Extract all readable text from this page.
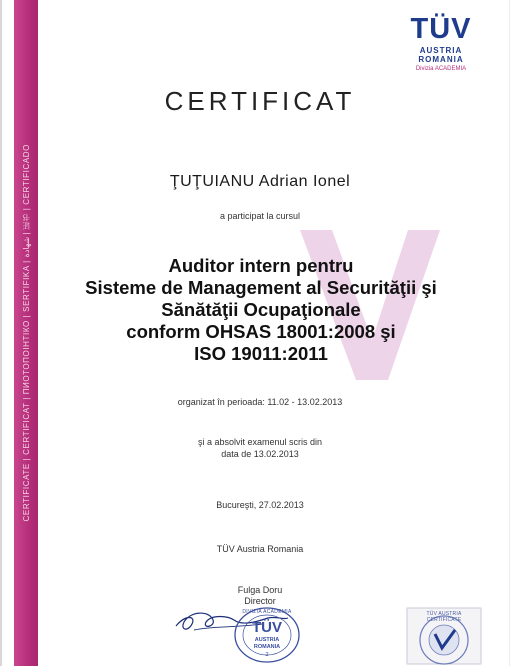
CERTIFICATE | CERTIFICAT | ПИОТОПОІНТІКО | SERTIFIKA | شهادة | 证书 | CERTIFICADO
TÜV
AUSTRIA
ROMANIA
Divizia ACADEMIA
CERTIFICAT
ŢUŢUIANU Adrian Ionel
a participat la cursul
Auditor intern pentru
Sisteme de Management al Securităţii şi
Sănătăţii Ocupaţionale
conform OHSAS 18001:2008 şi
ISO 19011:2011
organizat în perioada: 11.02 - 13.02.2013
şi a absolvit examenul scris din
data de 13.02.2013
Bucureşti, 27.02.2013
TÜV Austria Romania
Fulga Doru
Director
DIVIZIA ACADEMIA
TÜV
AUSTRIA
ROMANIA
2
TÜV AUSTRIA CERTIFICATE
